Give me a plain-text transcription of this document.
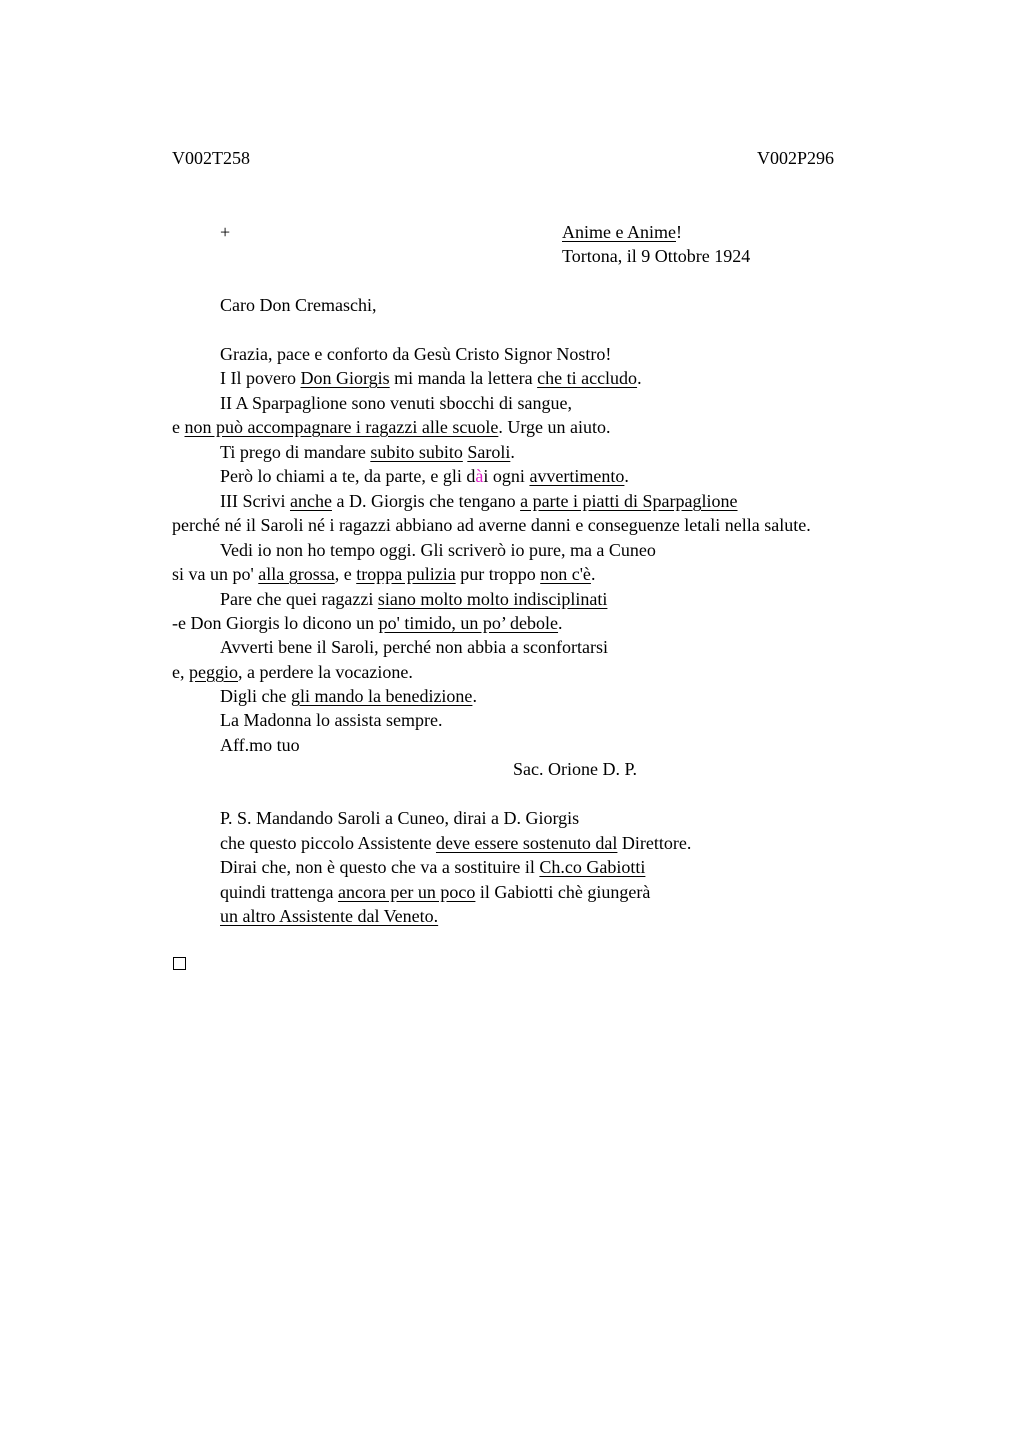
V002T258	V002P296
+	Anime e Anime!
Tortona, il 9 Ottobre 1924
Caro Don Cremaschi,
Grazia, pace e conforto da Gesù Cristo Signor Nostro!
I Il povero Don Giorgis mi manda la lettera che ti accludo.
II A Sparpaglione sono venuti sbocchi di sangue,
e non può accompagnare i ragazzi alle scuole. Urge un aiuto.
Ti prego di mandare subito subito Saroli.
Però lo chiami a te, da parte, e gli dài ogni avvertimento.
III Scrivi anche a D. Giorgis che tengano a parte i piatti di Sparpaglione
perché né il Saroli né i ragazzi abbiano ad averne danni e conseguenze letali nella salute.
Vedi io non ho tempo oggi. Gli scriverò io pure, ma a Cuneo
si va un po' alla grossa, e troppa pulizia pur troppo non c'è.
Pare che quei ragazzi siano molto molto indisciplinati
-e Don Giorgis lo dicono un po' timido, un po’ debole.
Avverti bene il Saroli, perché non abbia a sconfortarsi
e, peggio, a perdere la vocazione.
Digli che gli mando la benedizione.
La Madonna lo assista sempre.
Aff.mo tuo
Sac. Orione D. P.
P. S. Mandando Saroli a Cuneo, dirai a D. Giorgis
che questo piccolo Assistente deve essere sostenuto dal Direttore.
Dirai che, non è questo che va a sostituire il Ch.co Gabiotti
quindi trattenga ancora per un poco il Gabiotti chè giungerà
un altro Assistente dal Veneto.
